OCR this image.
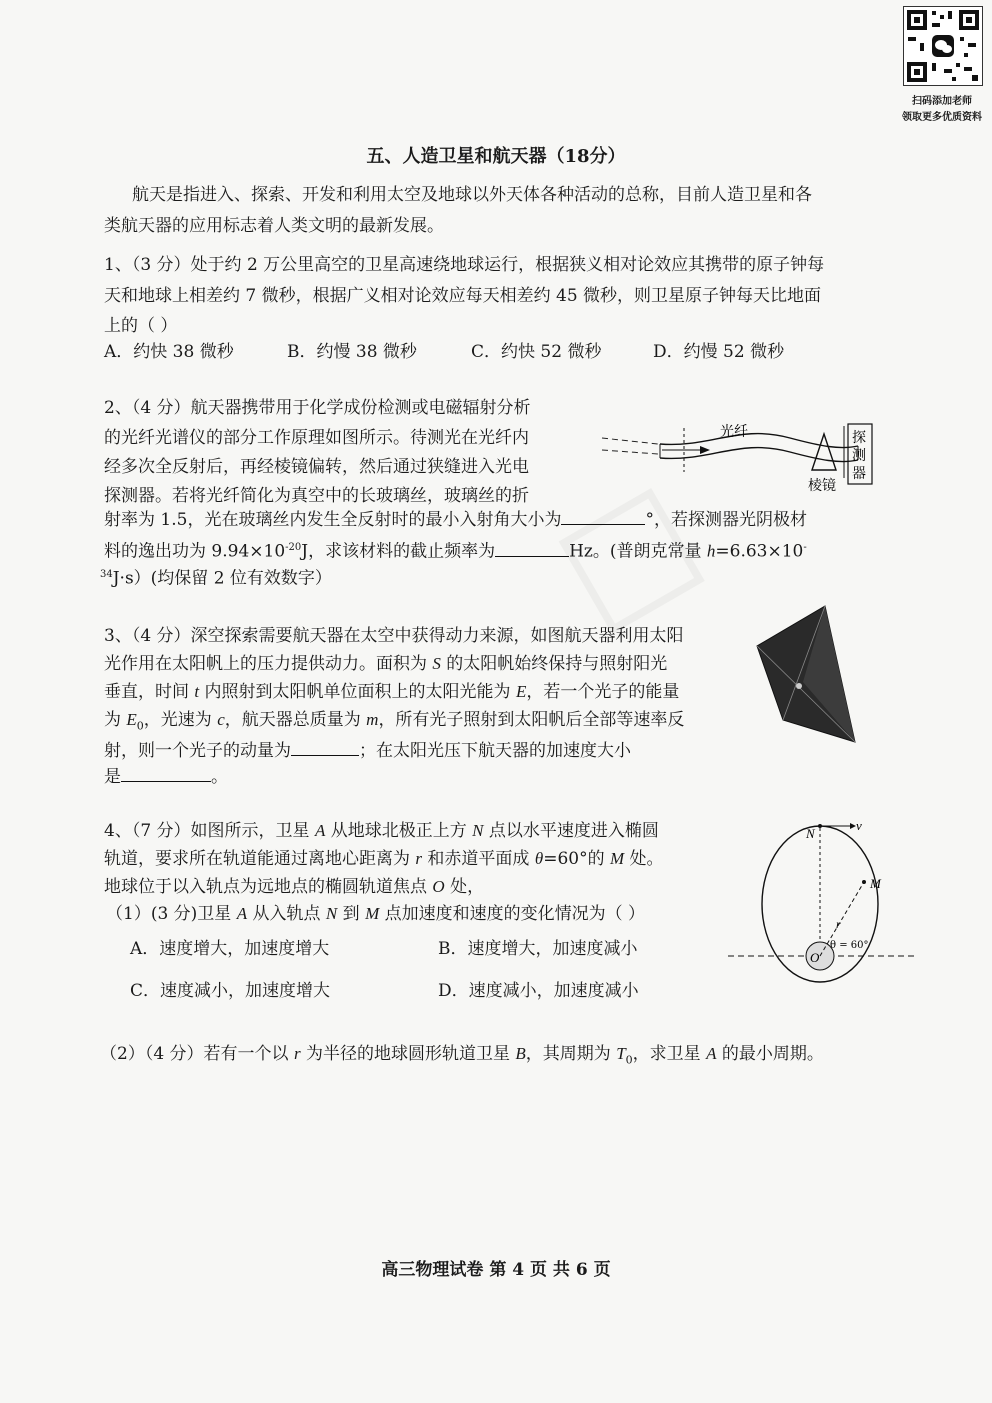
扫码添加老师
领取更多优质资料
五、人造卫星和航天器（18分）
航天是指进入、探索、开发和利用太空及地球以外天体各种活动的总称，目前人造卫星和各
类航天器的应用标志着人类文明的最新发展。
1、（3 分）处于约 2 万公里高空的卫星高速绕地球运行，根据狭义相对论效应其携带的原子钟每
天和地球上相差约 7 微秒，根据广义相对论效应每天相差约 45 微秒，则卫星原子钟每天比地面
上的（ ）
A．约快 38 微秒	B．约慢 38 微秒	C．约快 52 微秒	D．约慢 52 微秒
2、（4 分）航天器携带用于化学成份检测或电磁辐射分析
的光纤光谱仪的部分工作原理如图所示。待测光在光纤内
经多次全反射后，再经棱镜偏转，然后通过狭缝进入光电
探测器。若将光纤简化为真空中的长玻璃丝，玻璃丝的折
射率为 1.5，光在玻璃丝内发生全反射时的最小入射角大小为	°，若探测器光阴极材
料的逸出功为 $9.94\times 10^{-20}J$，求该材料的截止频率为	Hz。(普朗克常量 h=6.63×10-
$^{34}$J·s）(均保留 2 位有效数字）
光纤
棱镜
探
测
器
3、（4 分）深空探索需要航天器在太空中获得动力来源，如图航天器利用太阳
光作用在太阳帆上的压力提供动力。面积为 S 的太阳帆始终保持与照射阳光
垂直，时间 t 内照射到太阳帆单位面积上的太阳光能为 E，若一个光子的能量
为 $E_0$，光速为 c，航天器总质量为 m，所有光子照射到太阳帆后全部等速率反
射，则一个光子的动量为	；在太阳光压下航天器的加速度大小
是	。
4、（7 分）如图所示，卫星 A 从地球北极正上方 N 点以水平速度进入椭圆
轨道，要求所在轨道能通过离地心距离为 r 和赤道平面成 θ=60°的 M 处。
地球位于以入轨点为远地点的椭圆轨道焦点 O 处，
（1）(3 分)卫星 A 从入轨点 N 到 M 点加速度和速度的变化情况为（ ）
A．速度增大，加速度增大	B．速度增大，加速度减小
C．速度减小，加速度增大	D．速度减小，加速度减小
（2）（4 分）若有一个以 r 为半径的地球圆形轨道卫星 B，其周期为 $T_0$，求卫星 A 的最小周期。
N
v
M
r
O
θ = 60°
高三物理试卷 第 4 页 共 6 页
